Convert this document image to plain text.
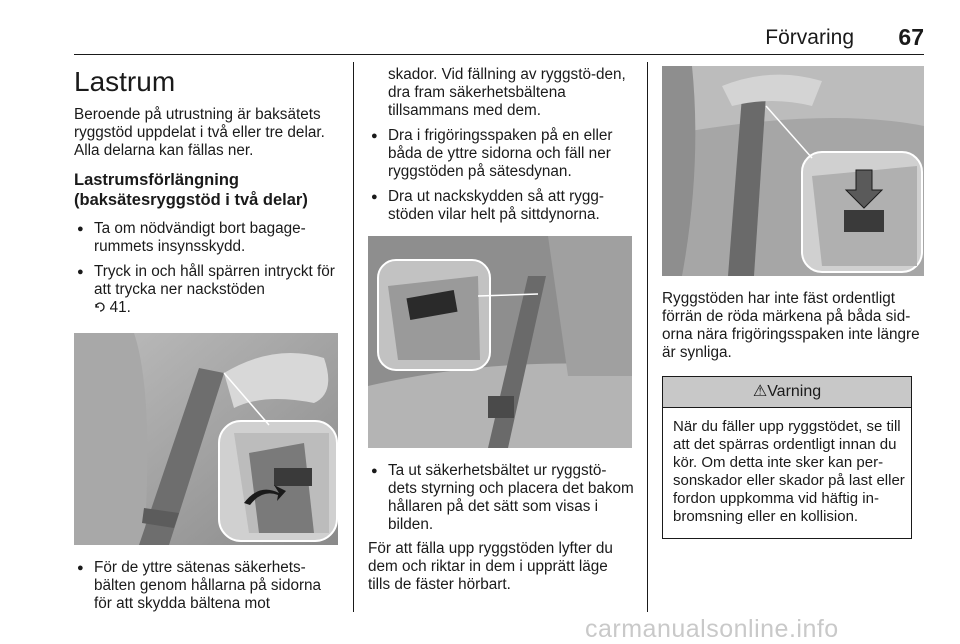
Förvaring 67
Lastrum

Beroende på utrustning är baksätets ryggstöd uppdelat i två eller tre delar. Alla delarna kan fällas ner.

Lastrumsförlängning
(baksätesryggstöd i två delar)
● Ta om nödvändigt bort bagage-rummets insynsskydd.
● Tryck in och håll spärren intryckt för att trycka ner nackstöden
41.
● För de yttre sätenas säkerhets-bälten genom hållarna på sidorna för att skydda bältena mot

skador. Vid fällning av ryggstö-den, dra fram säkerhetsbältena tillsammans med dem.

● Dra i frigöringsspaken på en eller båda de yttre sidorna och fäll ner ryggstöden på sätesdynan.
● Dra ut nackskydden så att rygg-stöden vilar helt på sittdynorna.
● Ta ut säkerhetsbältet ur ryggstö-dets styrning och placera det bakom hållaren på det sätt som visas i bilden.

För att fälla upp ryggstöden lyfter du dem och riktar in dem i upprätt läge tills de fäster hörbart.

Ryggstöden har inte fäst ordentligt förrän de röda märkena på båda sid-orna nära frigöringsspaken inte längre är synliga.

⚠Varning
När du fäller upp ryggstödet, se till att det spärras ordentligt innan du kör. Om detta inte sker kan per-sonskador eller skador på last eller fordon uppkomma vid häftig in-bromsning eller en kollision.
carmanualsonline.info
